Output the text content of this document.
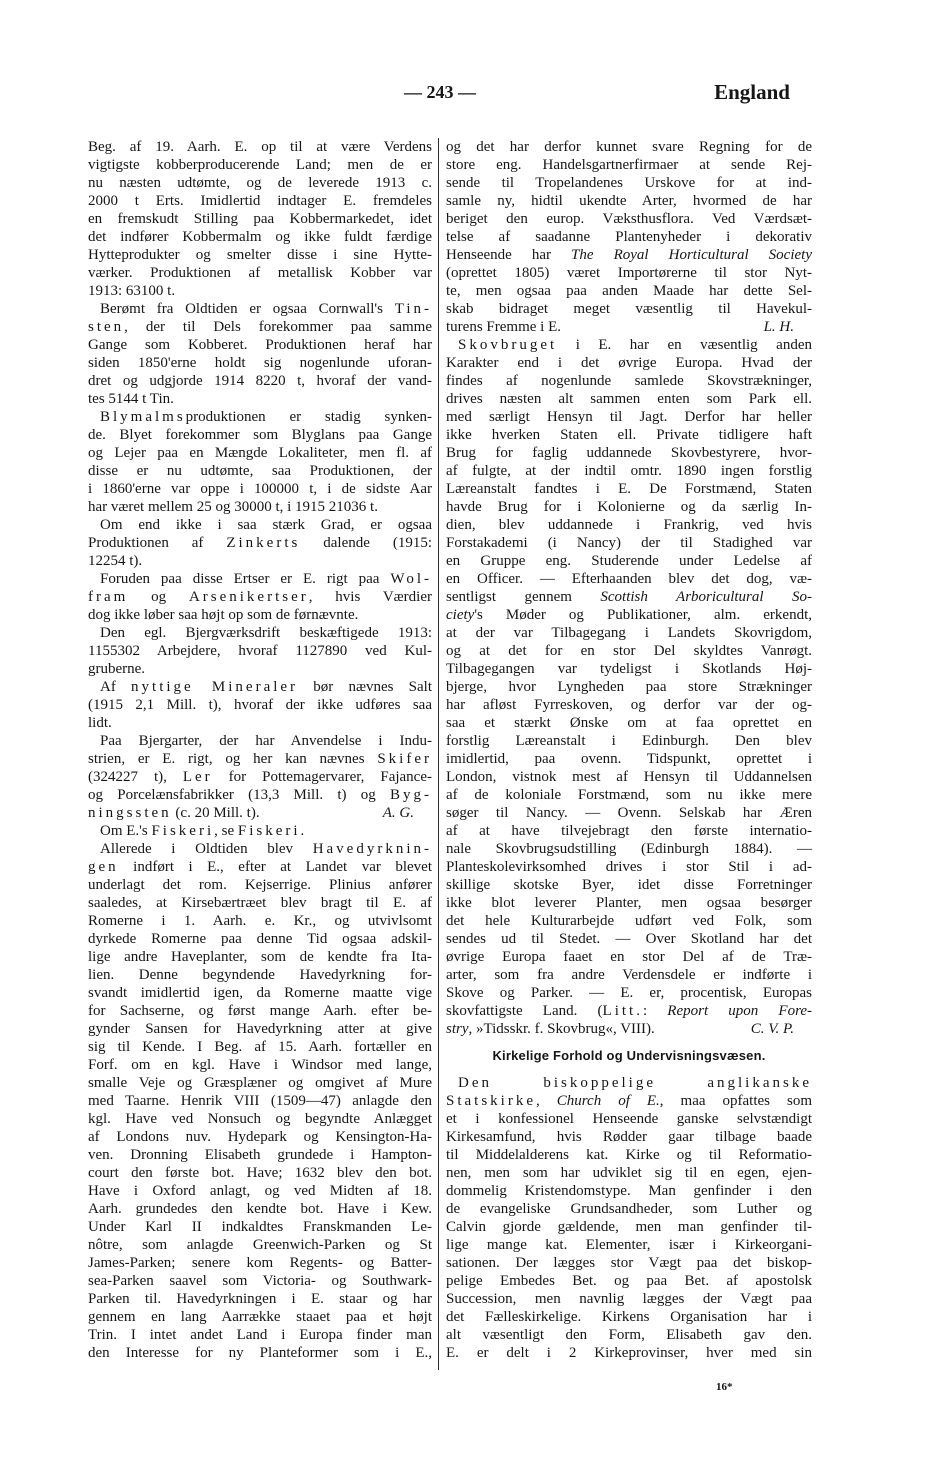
— 243 —	England
Beg. af 19. Aarh. E. op til at være Verdens
vigtigste kobberproducerende Land; men de er
nu næsten udtømte, og de leverede 1913 c.
2000 t Erts. Imidlertid indtager E. fremdeles
en fremskudt Stilling paa Kobbermarkedet, idet
det indfører Kobbermalm og ikke fuldt færdige
Hytteprodukter og smelter disse i sine Hytte-
værker. Produktionen af metallisk Kobber var
1913: 63100 t.
Berømt fra Oldtiden er ogsaa Cornwall's Tin-
sten, der til Dels forekommer paa samme
Gange som Kobberet. Produktionen heraf har
siden 1850'erne holdt sig nogenlunde uforan-
dret og udgjorde 1914 8220 t, hvoraf der vand-
tes 5144 t Tin.
Blymalmsproduktionen er stadig synken-
de. Blyet forekommer som Blyglans paa Gange
og Lejer paa en Mængde Lokaliteter, men fl. af
disse er nu udtømte, saa Produktionen, der
i 1860'erne var oppe i 100000 t, i de sidste Aar
har været mellem 25 og 30000 t, i 1915 21036 t.
Om end ikke i saa stærk Grad, er ogsaa
Produktionen af Zinkerts dalende (1915:
12254 t).
Foruden paa disse Ertser er E. rigt paa Wol-
fram og Arsenikertser, hvis Værdier
dog ikke løber saa højt op som de førnævnte.
Den egl. Bjergværksdrift beskæftigede 1913:
1155302 Arbejdere, hvoraf 1127890 ved Kul-
gruberne.
Af nyttige Mineraler bør nævnes Salt
(1915 2,1 Mill. t), hvoraf der ikke udføres saa
lidt.
Paa Bjergarter, der har Anvendelse i Indu-
strien, er E. rigt, og her kan nævnes Skifer
(324227 t), Ler for Pottemagervarer, Fajance-
og Porcelænsfabrikker (13,3 Mill. t) og Byg-
ningssten (c. 20 Mill. t).	A. G.
Om E.'s Fiskeri, se Fiskeri.
Allerede i Oldtiden blev Havedyrknin-
gen indført i E., efter at Landet var blevet
underlagt det rom. Kejserrige. Plinius anfører
saaledes, at Kirsebærtræet blev bragt til E. af
Romerne i 1. Aarh. e. Kr., og utvivlsomt
dyrkede Romerne paa denne Tid ogsaa adskil-
lige andre Haveplanter, som de kendte fra Ita-
lien. Denne begyndende Havedyrkning for-
svandt imidlertid igen, da Romerne maatte vige
for Sachserne, og først mange Aarh. efter be-
gynder Sansen for Havedyrkning atter at give
sig til Kende. I Beg. af 15. Aarh. fortæller en
Forf. om en kgl. Have i Windsor med lange,
smalle Veje og Græsplæner og omgivet af Mure
med Taarne. Henrik VIII (1509—47) anlagde den
kgl. Have ved Nonsuch og begyndte Anlægget
af Londons nuv. Hydepark og Kensington-Ha-
ven. Dronning Elisabeth grundede i Hampton-
court den første bot. Have; 1632 blev den bot.
Have i Oxford anlagt, og ved Midten af 18.
Aarh. grundedes den kendte bot. Have i Kew.
Under Karl II indkaldtes Franskmanden Le-
nôtre, som anlagde Greenwich-Parken og St
James-Parken; senere kom Regents- og Batter-
sea-Parken saavel som Victoria- og Southwark-
Parken til. Havedyrkningen i E. staar og har
gennem en lang Aarrække staaet paa et højt
Trin. I intet andet Land i Europa finder man
den Interesse for ny Planteformer som i E.,
og det har derfor kunnet svare Regning for de
store eng. Handelsgartnerfirmaer at sende Rej-
sende til Tropelandenes Urskove for at ind-
samle ny, hidtil ukendte Arter, hvormed de har
beriget den europ. Væksthusflora. Ved Værdsæt-
telse af saadanne Plantenyheder i dekorativ
Henseende har The Royal Horticultural Society
(oprettet 1805) været Importørerne til stor Nyt-
te, men ogsaa paa anden Maade har dette Sel-
skab bidraget meget væsentlig til Havekul-
turens Fremme i E.	L. H.
Skovbruget i E. har en væsentlig anden
Karakter end i det øvrige Europa. Hvad der
findes af nogenlunde samlede Skovstrækninger,
drives næsten alt sammen enten som Park ell.
med særligt Hensyn til Jagt. Derfor har heller
ikke hverken Staten ell. Private tidligere haft
Brug for faglig uddannede Skovbestyrere, hvor-
af fulgte, at der indtil omtr. 1890 ingen forstlig
Læreanstalt fandtes i E. De Forstmænd, Staten
havde Brug for i Kolonierne og da særlig In-
dien, blev uddannede i Frankrig, ved hvis
Forstakademi (i Nancy) der til Stadighed var
en Gruppe eng. Studerende under Ledelse af
en Officer. — Efterhaanden blev det dog, væ-
sentligst gennem Scottish Arboricultural So-
ciety's Møder og Publikationer, alm. erkendt,
at der var Tilbagegang i Landets Skovrigdom,
og at det for en stor Del skyldtes Vanrøgt.
Tilbagegangen var tydeligst i Skotlands Høj-
bjerge, hvor Lyngheden paa store Strækninger
har afløst Fyrreskoven, og derfor var der og-
saa et stærkt Ønske om at faa oprettet en
forstlig Læreanstalt i Edinburgh. Den blev
imidlertid, paa ovenn. Tidspunkt, oprettet i
London, vistnok mest af Hensyn til Uddannelsen
af de koloniale Forstmænd, som nu ikke mere
søger til Nancy. — Ovenn. Selskab har Æren
af at have tilvejebragt den første internatio-
nale Skovbrugsudstilling (Edinburgh 1884). —
Planteskolevirksomhed drives i stor Stil i ad-
skillige skotske Byer, idet disse Forretninger
ikke blot leverer Planter, men ogsaa besørger
det hele Kulturarbejde udført ved Folk, som
sendes ud til Stedet. — Over Skotland har det
øvrige Europa faaet en stor Del af de Træ-
arter, som fra andre Verdensdele er indførte i
Skove og Parker. — E. er, procentisk, Europas
skovfattigste Land. (Litt.: Report upon Fore-
stry, »Tidsskr. f. Skovbrug«, VIII).	C. V. P.
Kirkelige Forhold og Undervisningsvæsen.
Den biskoppelige anglikanske
Statskirke, Church of E., maa opfattes som
et i konfessionel Henseende ganske selvstændigt
Kirkesamfund, hvis Rødder gaar tilbage baade
til Middelalderens kat. Kirke og til Reformatio-
nen, men som har udviklet sig til en egen, ejen-
dommelig Kristendomstype. Man genfinder i den
de evangeliske Grundsandheder, som Luther og
Calvin gjorde gældende, men man genfinder til-
lige mange kat. Elementer, især i Kirkeorgani-
sationen. Der lægges stor Vægt paa det biskop-
pelige Embedes Bet. og paa Bet. af apostolsk
Succession, men navnlig lægges der Vægt paa
det Fælleskirkelige. Kirkens Organisation har i
alt væsentligt den Form, Elisabeth gav den.
E. er delt i 2 Kirkeprovinser, hver med sin
16*
